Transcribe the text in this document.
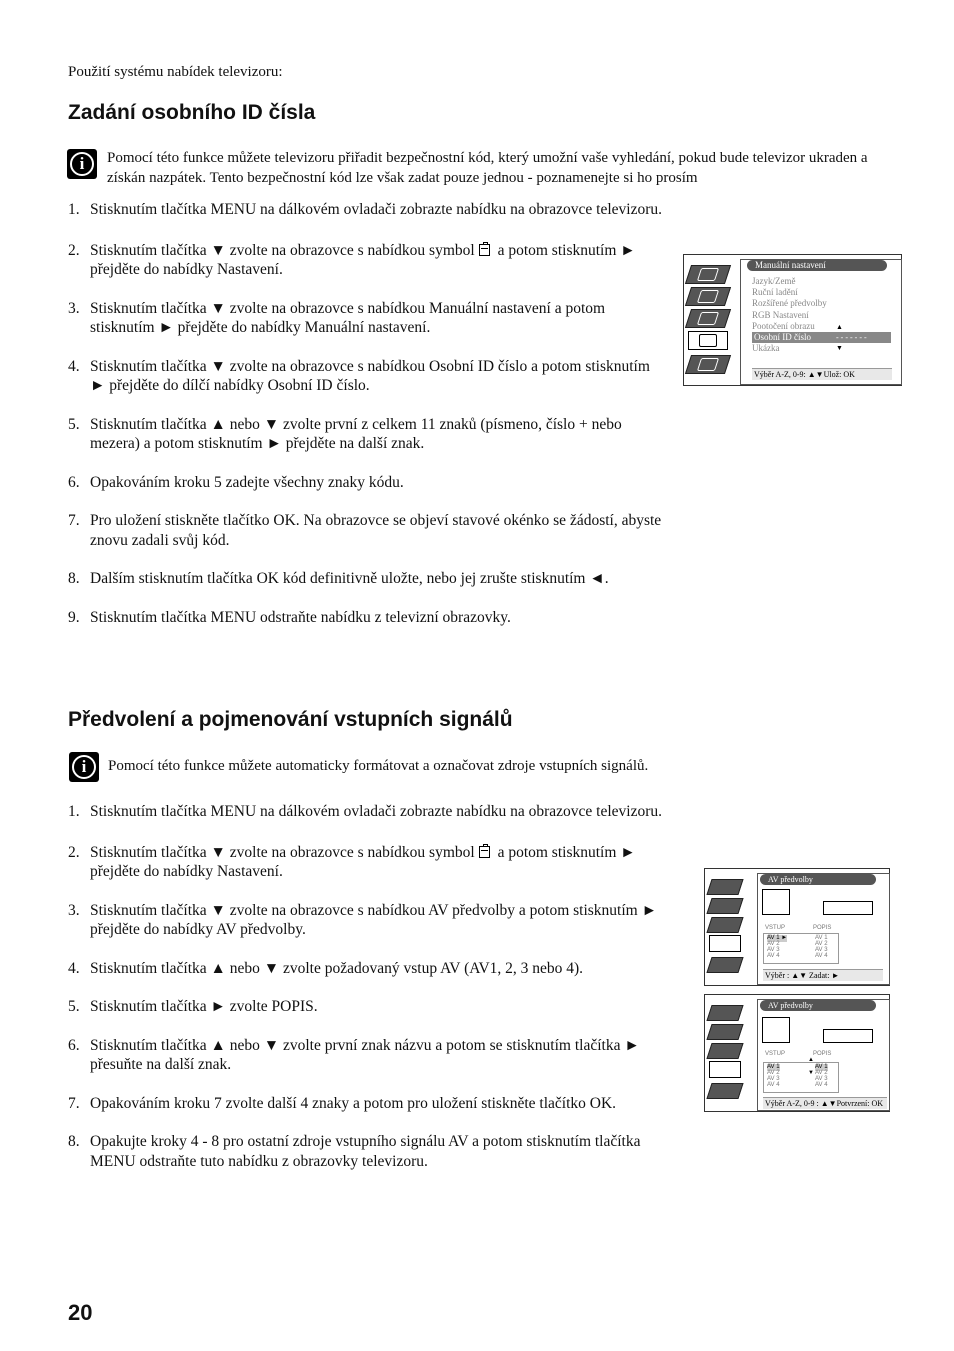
Použití systému nabídek televizoru:
Zadání osobního ID čísla
i	Pomocí této funkce můžete televizoru přiřadit bezpečnostní kód, který umožní vaše vyhledání, pokud bude televizor ukraden a získán nazpátek. Tento bezpečnostní kód lze však zadat pouze jednou - poznamenejte si ho prosím
1. Stisknutím tlačítka MENU na dálkovém ovladači zobrazte nabídku na obrazovce televizoru.
2. Stisknutím tlačítka ▼ zvolte na obrazovce s nabídkou symbol a potom stisknutím ► přejděte do nabídky Nastavení.
3. Stisknutím tlačítka ▼ zvolte na obrazovce s nabídkou Manuální nastavení a potom stisknutím ► přejděte do nabídky Manuální nastavení.
4. Stisknutím tlačítka ▼ zvolte na obrazovce s nabídkou Osobní ID číslo a potom stisknutím ► přejděte do dílčí nabídky Osobní ID číslo.
5. Stisknutím tlačítka ▲ nebo ▼ zvolte první z celkem 11 znaků (písmeno, číslo + nebo mezera) a potom stisknutím ► přejděte na další znak.
6. Opakováním kroku 5 zadejte všechny znaky kódu.
7. Pro uložení stiskněte tlačítko OK. Na obrazovce se objeví stavové okénko se žádostí, abyste znovu zadali svůj kód.
8. Dalším stisknutím tlačítka OK kód definitivně uložte, nebo jej zrušte stisknutím ◄.
9. Stisknutím tlačítka MENU odstraňte nabídku z televizní obrazovky.
Manuální nastavení
Jazyk/Země
Ruční ladění
Rozšířené předvolby
RGB Nastavení
Pootočení obrazu
Osobní ID číslo
Ukázka
▲
▼
- - - - - - -
Výběr A-Z, 0-9: ▲▼Ulož: OK
Předvolení a pojmenování vstupních signálů
i	Pomocí této funkce můžete automaticky formátovat a označovat zdroje vstupních signálů.
1. Stisknutím tlačítka MENU na dálkovém ovladači zobrazte nabídku na obrazovce televizoru.
2. Stisknutím tlačítka ▼ zvolte na obrazovce s nabídkou symbol a potom stisknutím ► přejděte do nabídky Nastavení.
3. Stisknutím tlačítka ▼ zvolte na obrazovce s nabídkou AV předvolby a potom stisknutím ► přejděte do nabídky AV předvolby.
4. Stisknutím tlačítka ▲ nebo ▼ zvolte požadovaný vstup AV (AV1, 2, 3 nebo 4).
5. Stisknutím tlačítka ► zvolte POPIS.
6. Stisknutím tlačítka ▲ nebo ▼ zvolte první znak názvu a potom se stisknutím tlačítka ► přesuňte na další znak.
7. Opakováním kroku 7 zvolte další 4 znaky a potom pro uložení stiskněte tlačítko OK.
8. Opakujte kroky 4 - 8 pro ostatní zdroje vstupního signálu AV a potom stisknutím tlačítka MENU odstraňte tuto nabídku z obrazovky televizoru.
AV předvolby
VSTUP	POPIS
AV 1 ►	AV 1
AV 2	AV 2
AV 3	AV 3
AV 4	AV 4
Výběr : ▲▼ Zadat: ►
AV předvolby
VSTUP	POPIS
▲
▼
AV 1	AV 1
AV 2	AV 2
AV 3	AV 3
AV 4	AV 4
Výběr A-Z, 0-9 : ▲▼Potvrzení: OK
20
